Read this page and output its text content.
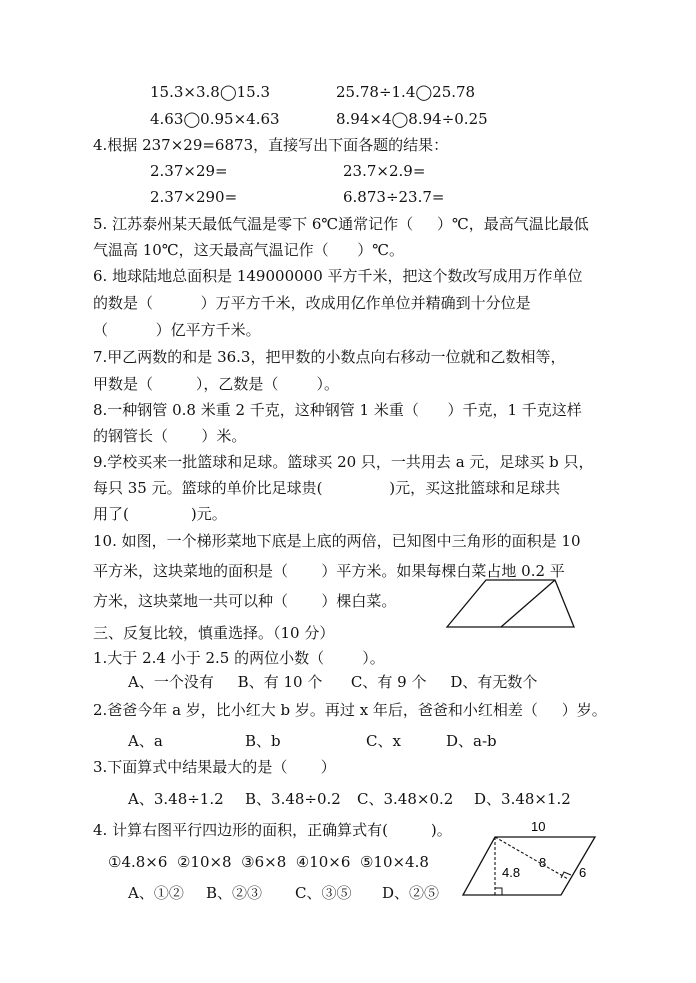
15.3×3.8◯15.3	25.78÷1.4◯25.78
4.63◯0.95×4.63	8.94×4◯8.94÷0.25
4.根据 237×29=6873，直接写出下面各题的结果：
2.37×29=	23.7×2.9=
2.37×290=	6.873÷23.7=
5. 江苏泰州某天最低气温是零下 6℃通常记作（     ）℃，最高气温比最低
气温高 10℃，这天最高气温记作（      ）℃。
6. 地球陆地总面积是 149000000 平方千米，把这个数改写成用万作单位
的数是（          ）万平方千米，改成用亿作单位并精确到十分位是
（          ）亿平方千米。
7.甲乙两数的和是 36.3，把甲数的小数点向右移动一位就和乙数相等，
甲数是（         ），乙数是（        ）。
8.一种钢管 0.8 米重 2 千克，这种钢管 1 米重（      ）千克，1 千克这样
的钢管长（       ）米。
9.学校买来一批篮球和足球。篮球买 20 只，一共用去 a 元，足球买 b 只，
每只 35 元。篮球的单价比足球贵(              )元，买这批篮球和足球共
用了(             )元。
10. 如图，一个梯形菜地下底是上底的两倍，已知图中三角形的面积是 10
平方米，这块菜地的面积是（       ）平方米。如果每棵白菜占地 0.2 平
方米，这块菜地一共可以种（       ）棵白菜。
三、反复比较，慎重选择。（10 分）
1.大于 2.4 小于 2.5 的两位小数（        ）。
A、一个没有     B、有 10 个      C、有 9 个     D、有无数个
2.爸爸今年 a 岁，比小红大 b 岁。再过 x 年后，爸爸和小红相差（     ）岁。
A、a	B、b	C、x	D、a-b
3.下面算式中结果最大的是（       ）
A、3.48÷1.2 B、3.48÷0.2 C、3.48×0.2 D、3.48×1.2
4. 计算右图平行四边形的面积，正确算式有(         )。
①4.8×6  ②10×8  ③6×8  ④10×6  ⑤10×4.8
A、①② B、②③ C、③⑤ D、②⑤
10
8
4.8	6
